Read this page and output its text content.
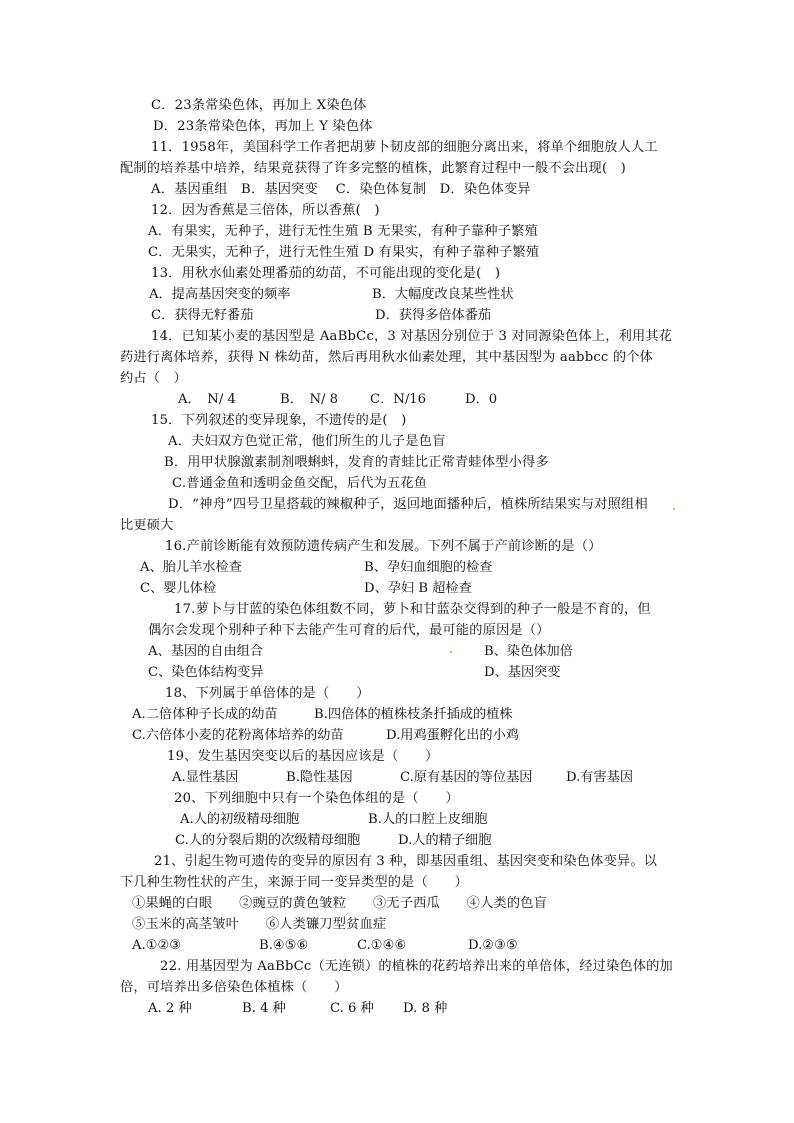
C．23条常染色体，再加上 X染色体
D．23条常染色体，再加上 Y 染色体
11．1958年，美国科学工作者把胡萝卜韧皮部的细胞分离出来，将单个细胞放人人工
配制的培养基中培养，结果竟获得了许多完整的植株，此繁育过程中一般不会出现(　)
A．基因重组　B．基因突变　 C．染色体复制　D．染色体变异
12．因为香蕉是三倍体，所以香蕉(　)
A．有果实，无种子，进行无性生殖 B 无果实，有种子靠种子繁殖
C．无果实，无种子，进行无性生殖 D 有果实，有种子靠种子繁殖
13．用秋水仙素处理番茄的幼苗，不可能出现的变化是(　)
A．提高基因突变的频率	B．大幅度改良某些性状
C．获得无籽番茄	D．获得多倍体番茄
14．已知某小麦的基因型是 AaBbCc，3 对基因分别位于 3 对同源染色体上，利用其花
药进行离体培养，获得 N 株幼苗，然后再用秋水仙素处理，其中基因型为 aabbcc 的个体
约占（　）
A．　N/ 4	B．　N/ 8 C．N/16	D．0
15．下列叙述的变异现象，不遗传的是(　)
A．夫妇双方色觉正常，他们所生的儿子是色盲
B．用甲状腺激素制剂喂蝌蚪，发育的青蛙比正常青蛙体型小得多
C.普通金鱼和透明金鱼交配，后代为五花鱼
D．“神舟”四号卫星搭载的辣椒种子，返回地面播种后，植株所结果实与对照组相
比更硕大
16.产前诊断能有效预防遗传病产生和发展。下列不属于产前诊断的是（）
A、胎儿羊水检查	B、孕妇血细胞的检查
C、婴儿体检	D、孕妇 B 超检查
17.萝卜与甘蓝的染色体组数不同，萝卜和甘蓝杂交得到的种子一般是不育的，但
偶尔会发现个别种子种下去能产生可育的后代，最可能的原因是（）
A、基因的自由组合	B、染色体加倍
C、染色体结构变异	D、基因突变
18、下列属于单倍体的是（　　）
A.二倍体种子长成的幼苗	B.四倍体的植株枝条扦插成的植株
C.六倍体小麦的花粉离体培养的幼苗	D.用鸡蛋孵化出的小鸡
19、发生基因突变以后的基因应该是（　　）
A.显性基因	B.隐性基因	C.原有基因的等位基因	D.有害基因
20、下列细胞中只有一个染色体组的是（　　）
A.人的初级精母细胞	B.人的口腔上皮细胞
C.人的分裂后期的次级精母细胞	D.人的精子细胞
21、引起生物可遗传的变异的原因有 3 种，即基因重组、基因突变和染色体变异。以
下几种生物性状的产生，来源于同一变异类型的是（　　）
①果蝇的白眼　　②豌豆的黄色皱粒　　③无子西瓜　　④人类的色盲
⑤玉米的高茎皱叶　　⑥人类镰刀型贫血症
A.①②③	B.④⑤⑥	C.①④⑥	D.②③⑤
22. 用基因型为 AaBbCc（无连锁）的植株的花药培养出来的单倍体，经过染色体的加
倍，可培养出多倍染色体植株（　　）
A. 2 种	B. 4 种	C. 6 种 D. 8 种
